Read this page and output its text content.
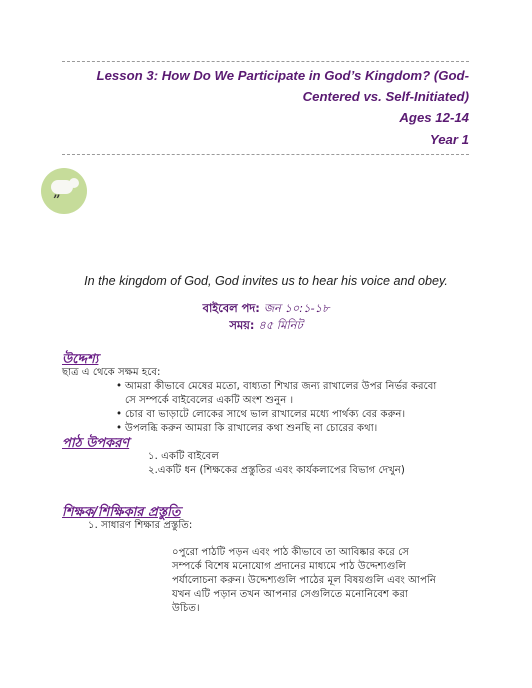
Lesson 3: How Do We Participate in God’s Kingdom? (God-
Centered vs. Self-Initiated)
Ages 12-14
Year 1
”
In the kingdom of God, God invites us to hear his voice and obey.
বাইবেল পদ: জন ১০:১-১৮
সময়: ৪৫ মিনিট
উদ্দেশ্য
ছাত্র এ থেকে সক্ষম হবে:
• আমরা কীভাবে মেষের মতো, বাধ্যতা শিখার জন্য রাখালের উপর নির্ভর করবো
সে সম্পর্কে বাইবেলের একটি অংশ শুনুন ।
• চোর বা ভাড়াটে লোকের সাথে ভাল রাখালের মধ্যে পার্থক্য বের করুন।
• উপলব্ধি করুন আমরা কি রাখালের কথা শুনছি না চোরের কথা।
পাঠ উপকরণ
১. একটি বাইবেল
২.একটি ধন (শিক্ষকের প্রস্তুতির এবং কার্যকলাপের বিভাগ দেখুন)
শিক্ষক/শিক্ষিকার প্রস্তুতি
১. সাধারণ শিক্ষার প্রস্তুতি:
০পুরো পাঠটি পড়ন এবং পাঠ কীভাবে তা আবিষ্কার করে সে
সম্পর্কে বিশেষ মনোযোগ প্রদানের মাধ্যমে পাঠ উদ্দেশ্যগুলি
পর্যালোচনা করুন। উদ্দেশ্যগুলি পাঠের মূল বিষয়গুলি এবং আপনি
যখন এটি পড়ান তখন আপনার সেগুলিতে মনোনিবেশ করা
উচিত।
